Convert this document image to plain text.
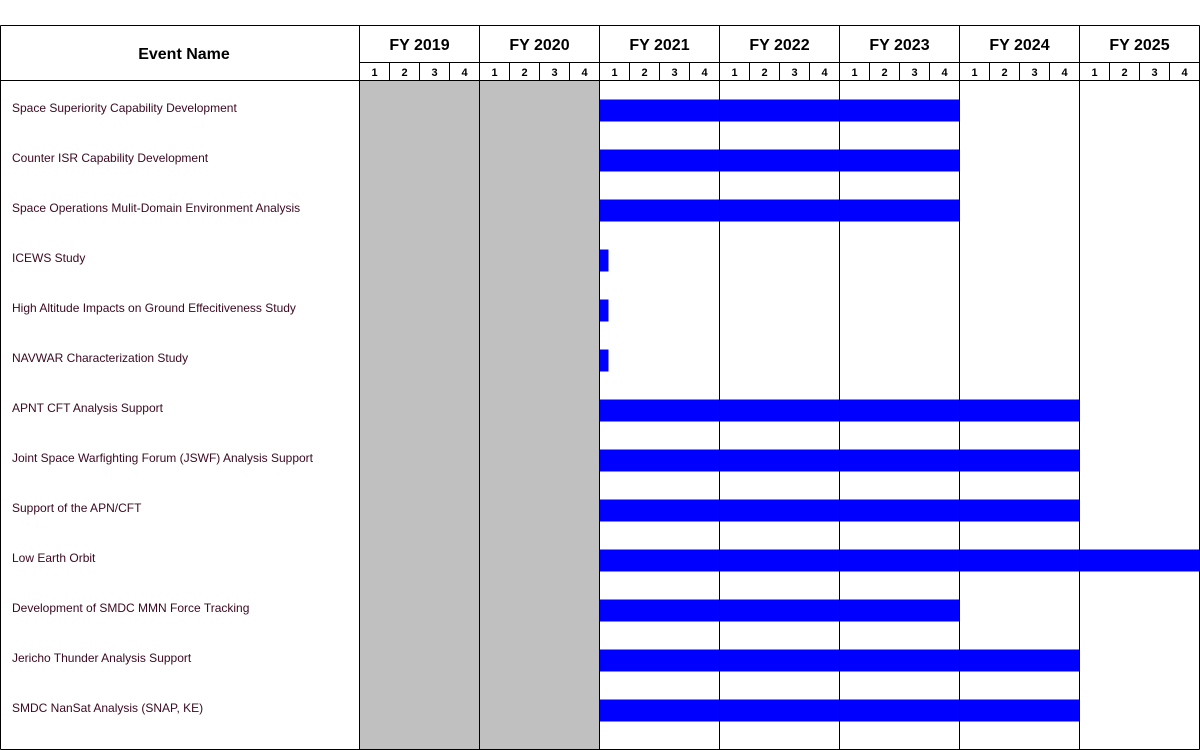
Event Name
Space Superiority Capability Development
Counter ISR Capability Development
Space Operations Mulit-Domain Environment Analysis
ICEWS Study
High Altitude Impacts on Ground Effecitiveness Study
NAVWAR Characterization Study
APNT CFT Analysis Support
Joint Space Warfighting Forum (JSWF) Analysis Support
Support of the APN/CFT
Low Earth Orbit
Development of SMDC MMN Force Tracking
Jericho Thunder Analysis Support
SMDC NanSat Analysis (SNAP, KE)
FY 2019	FY 2020	FY 2021	FY 2022	FY 2023	FY 2024	FY 2025
1 2 3 4 1 2 3 4 1 2 3 4 1 2 3 4 1 2 3 4 1 2 3 4 1 2 3 4
